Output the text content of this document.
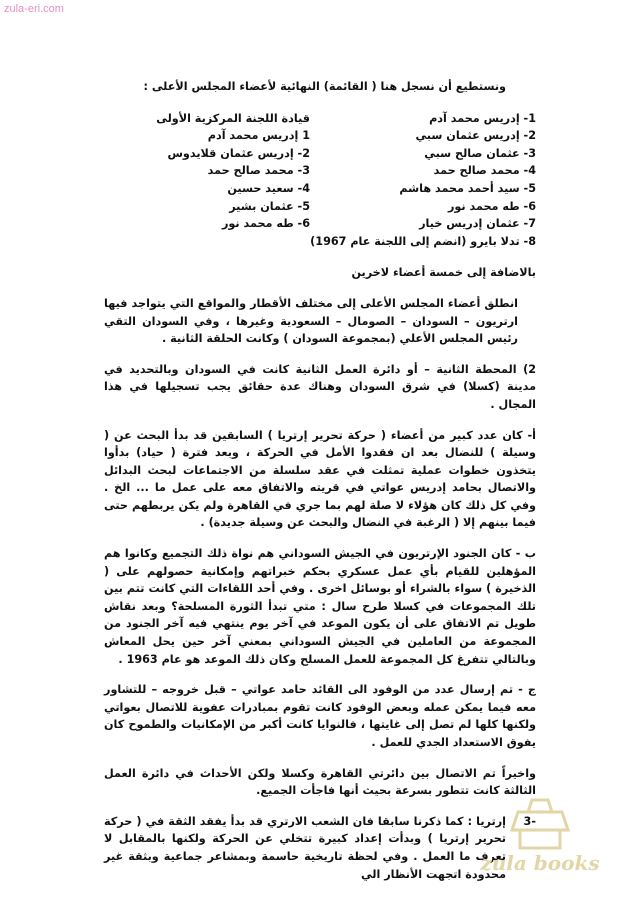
zula-eri.com

ونستطيع أن نسجل هنا ( القائمة) النهائية لأعضاء المجلس الأعلى :

1- إدريس محمد آدم
2- إدريس عثمان سبي
3- عثمان صالح سبي
4- محمد صالح حمد
5- سيد أحمد محمد هاشم
6- طه محمد نور
7- عثمان إدريس خيار
8- تدلا بايرو (انضم إلى اللجنة عام 1967)
قيادة اللجنة المركزية الأولى
1 إدريس محمد آدم
2- إدريس عثمان قلايدوس
3- محمد صالح حمد
4- سعيد حسين
5- عثمان بشير
6- طه محمد نور

بالاضافة إلى خمسة أعضاء لاخرين

انطلق أعضاء المجلس الأعلى إلى مختلف الأقطار والمواقع التي يتواجد فيها ارتريون – السودان – الصومال – السعودية وغيرها ، وفي السودان التقي رئيس المجلس الأعلي (بمجموعة السودان ) وكانت الحلقة الثانية .

2) المحطة الثانية – أو دائرة العمل الثانية كانت في السودان وبالتحديد في مدينة (كسلا) في شرق السودان وهناك عدة حقائق يجب تسجيلها في هذا المجال .

أ- كان عدد كبير من أعضاء ( حركة تحرير إرتريا ) السابقين قد بدأ البحث عن ( وسيلة ) للنضال بعد ان فقدوا الأمل في الحركة ، وبعد فترة ( حياد) بدأوا يتخذون خطوات عملية تمثلت في عقد سلسلة من الاجتماعات لبحث البدائل والاتصال بحامد إدريس عواتي في قريته والاتفاق معه على عمل ما ... الخ . وفي كل ذلك كان هؤلاء لا صلة لهم بما جري في القاهرة ولم يكن يربطهم حتى فيما بينهم إلا ( الرغبة في النضال والبحث عن وسيلة جديدة) .

ب - كان الجنود الإرتريون في الجيش السوداني هم نواة ذلك التجميع وكانوا هم المؤهلين للقيام بأي عمل عسكري بحكم خبراتهم وإمكانية حصولهم على ( الذخيرة ) سواء بالشراء أو بوسائل اخرى . وفي أحد اللقاءات التي كانت تتم بين تلك المجموعات في كسلا طرح سال : متي تبدأ الثورة المسلحة؟ وبعد نقاش طويل تم الاتفاق على أن يكون الموعد في آخر يوم ينتهي فيه آخر الجنود من المجموعة من العاملين في الجيش السوداني بمعني آخر حين يحل المعاش وبالتالي تتفرغ كل المجموعة للعمل المسلح وكان ذلك الموعد هو عام 1963 .

ج - تم إرسال عدد من الوفود الى القائد حامد عواتي – قبل خروجه – للتشاور معه فيما يمكن عمله وبعض الوفود كانت تقوم بمبادرات عفوية للاتصال بعواتي ولكنها كلها لم تصل إلى غايتها ، فالنوايا كانت أكبر من الإمكانيات والطموح كان يفوق الاستعداد الجدي للعمل .

واخيراً تم الاتصال بين دائرتي القاهرة وكسلا ولكن الأحداث في دائرة العمل الثالثة كانت تتطور بسرعة بحيث أنها فاجأت الجميع.

-3

إرتريا : كما ذكرنا سابقا فان الشعب الارتري قد بدأ يفقد الثقة في ( حركة تحرير إرتريا ) وبدأت إعداد كبيرة تتخلي عن الحركة ولكنها بالمقابل لا تعرف ما العمل . وفي لحظة تاريخية حاسمة وبمشاعر جماعية وبثقة غير محدودة اتجهت الأنظار الي

zula books
